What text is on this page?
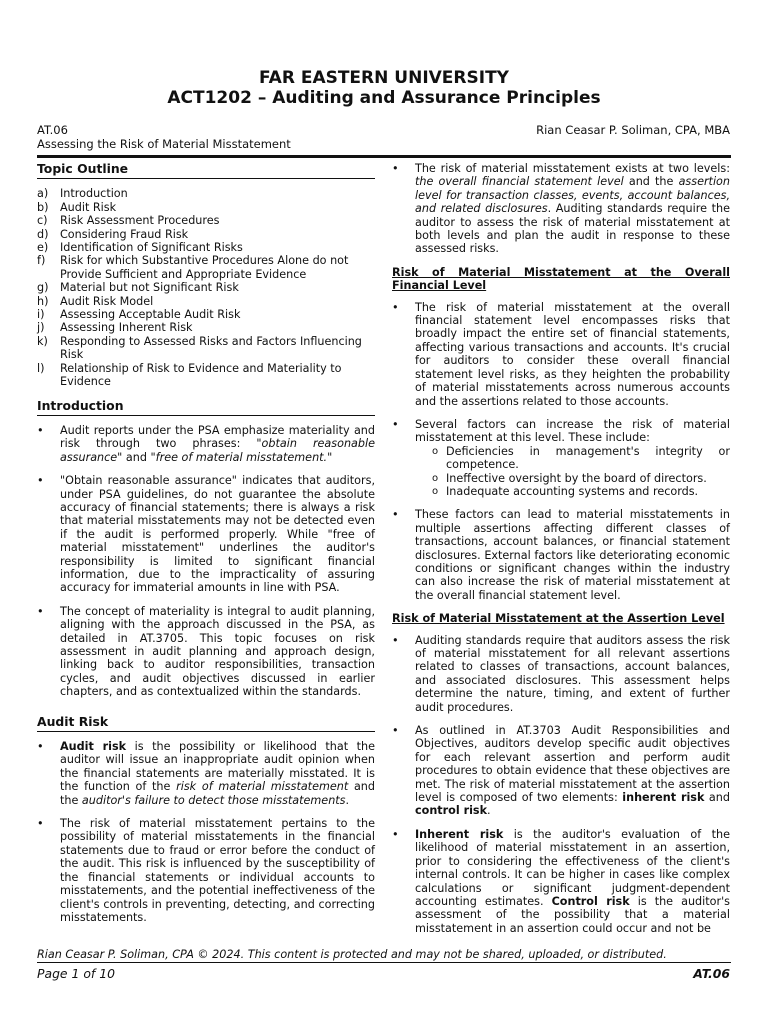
FAR EASTERN UNIVERSITY
ACT1202 – Auditing and Assurance Principles
AT.06
Assessing the Risk of Material Misstatement
Rian Ceasar P. Soliman, CPA, MBA
Topic Outline
a)	Introduction
b)	Audit Risk
c)	Risk Assessment Procedures
d)	Considering Fraud Risk
e)	Identification of Significant Risks
f)	Risk for which Substantive Procedures Alone do not Provide Sufficient and Appropriate Evidence
g)	Material but not Significant Risk
h)	Audit Risk Model
i)	Assessing Acceptable Audit Risk
j)	Assessing Inherent Risk
k)	Responding to Assessed Risks and Factors Influencing Risk
l)	Relationship of Risk to Evidence and Materiality to Evidence
Introduction
• Audit reports under the PSA emphasize materiality and risk through two phrases: "obtain reasonable assurance" and "free of material misstatement."
• "Obtain reasonable assurance" indicates that auditors, under PSA guidelines, do not guarantee the absolute accuracy of financial statements; there is always a risk that material misstatements may not be detected even if the audit is performed properly. While "free of material misstatement" underlines the auditor's responsibility is limited to significant financial information, due to the impracticality of assuring accuracy for immaterial amounts in line with PSA.
• The concept of materiality is integral to audit planning, aligning with the approach discussed in the PSA, as detailed in AT.3705. This topic focuses on risk assessment in audit planning and approach design, linking back to auditor responsibilities, transaction cycles, and audit objectives discussed in earlier chapters, and as contextualized within the standards.
Audit Risk
• Audit risk is the possibility or likelihood that the auditor will issue an inappropriate audit opinion when the financial statements are materially misstated. It is the function of the risk of material misstatement and the auditor's failure to detect those misstatements.
• The risk of material misstatement pertains to the possibility of material misstatements in the financial statements due to fraud or error before the conduct of the audit. This risk is influenced by the susceptibility of the financial statements or individual accounts to misstatements, and the potential ineffectiveness of the client's controls in preventing, detecting, and correcting misstatements.
• The risk of material misstatement exists at two levels: the overall financial statement level and the assertion level for transaction classes, events, account balances, and related disclosures. Auditing standards require the auditor to assess the risk of material misstatement at both levels and plan the audit in response to these assessed risks.
Risk of Material Misstatement at the Overall Financial Level
• The risk of material misstatement at the overall financial statement level encompasses risks that broadly impact the entire set of financial statements, affecting various transactions and accounts. It's crucial for auditors to consider these overall financial statement level risks, as they heighten the probability of material misstatements across numerous accounts and the assertions related to those accounts.
• Several factors can increase the risk of material misstatement at this level. These include:
o Deficiencies in management's integrity or competence.
o Ineffective oversight by the board of directors.
o Inadequate accounting systems and records.
• These factors can lead to material misstatements in multiple assertions affecting different classes of transactions, account balances, or financial statement disclosures. External factors like deteriorating economic conditions or significant changes within the industry can also increase the risk of material misstatement at the overall financial statement level.
Risk of Material Misstatement at the Assertion Level
• Auditing standards require that auditors assess the risk of material misstatement for all relevant assertions related to classes of transactions, account balances, and associated disclosures. This assessment helps determine the nature, timing, and extent of further audit procedures.
• As outlined in AT.3703 Audit Responsibilities and Objectives, auditors develop specific audit objectives for each relevant assertion and perform audit procedures to obtain evidence that these objectives are met. The risk of material misstatement at the assertion level is composed of two elements: inherent risk and control risk.
• Inherent risk is the auditor's evaluation of the likelihood of material misstatement in an assertion, prior to considering the effectiveness of the client's internal controls. It can be higher in cases like complex calculations or significant judgment-dependent accounting estimates. Control risk is the auditor's assessment of the possibility that a material misstatement in an assertion could occur and not be
Rian Ceasar P. Soliman, CPA © 2024. This content is protected and may not be shared, uploaded, or distributed.
Page 1 of 10	AT.06
